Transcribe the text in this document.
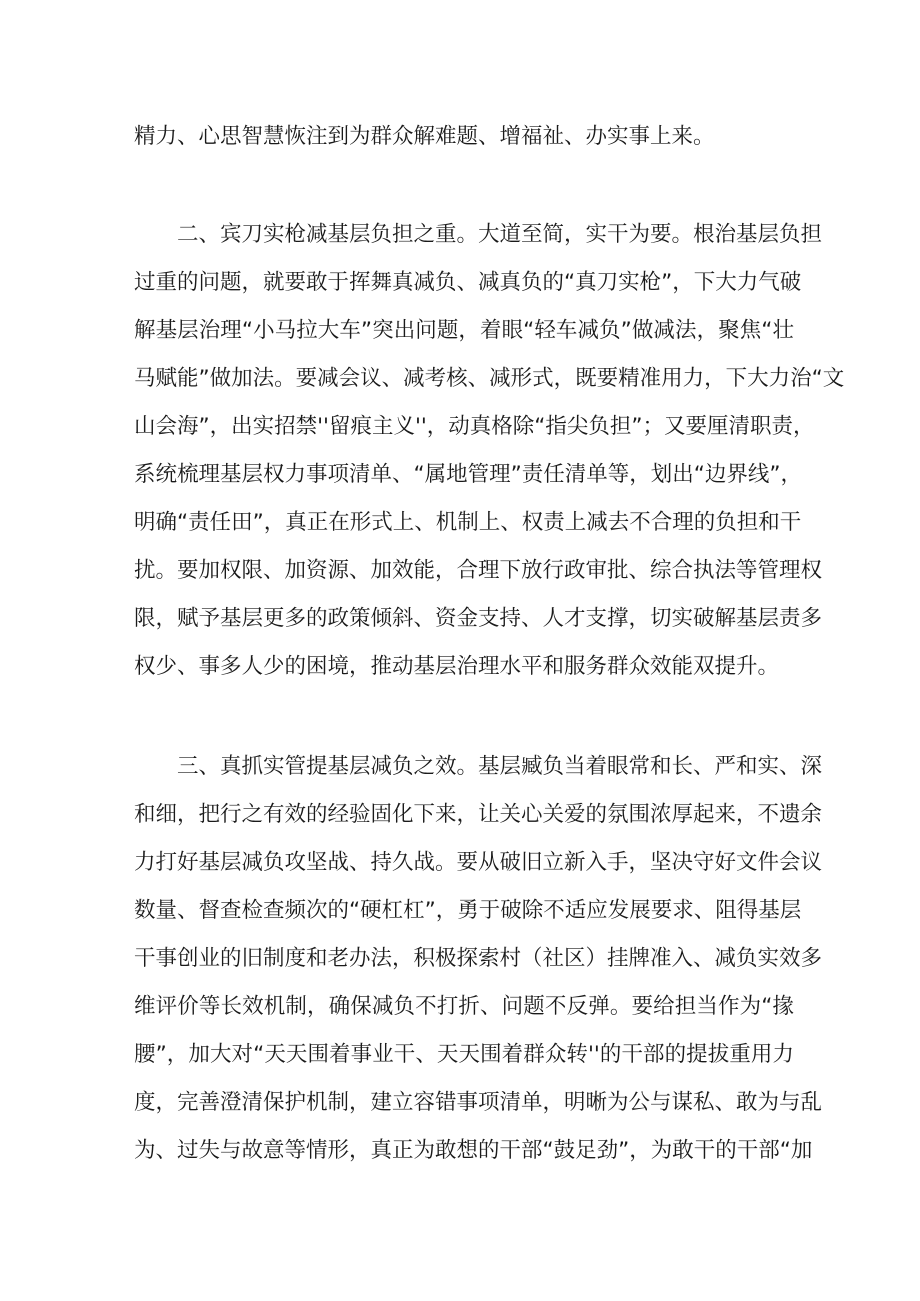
精力、心思智慧恢注到为群众解难题、增福祉、办实事上来。
二、宾刀实枪减基层负担之重。大道至简，实干为要。根治基层负担
过重的问题，就要敢于挥舞真减负、减真负的“真刀实枪”，下大力气破
解基层治理“小马拉大车”突出问题，着眼“轻车减负”做减法，聚焦“壮
马赋能”做加法。要减会议、减考核、减形式，既要精准用力，下大力治“文
山会海”，出实招禁''留痕主义''，动真格除“指尖负担”；又要厘清职责，
系统梳理基层权力事项清单、“属地管理”责任清单等，划出“边界线”，
明确“责任田”，真正在形式上、机制上、权责上减去不合理的负担和干
扰。要加权限、加资源、加效能，合理下放行政审批、综合执法等管理权
限，赋予基层更多的政策倾斜、资金支持、人才支撑，切实破解基层责多
权少、事多人少的困境，推动基层治理水平和服务群众效能双提升。
三、真抓实管提基层减负之效。基层臧负当着眼常和长、严和实、深
和细，把行之有效的经验固化下来，让关心关爱的氛围浓厚起来，不遗余
力打好基层减负攻坚战、持久战。要从破旧立新入手，坚决守好文件会议
数量、督查检查频次的“硬杠杠”，勇于破除不适应发展要求、阻得基层
干事创业的旧制度和老办法，积极探索村（社区）挂牌准入、减负实效多
维评价等长效机制，确保减负不打折、问题不反弹。要给担当作为“掾
腰”，加大对“天天围着事业干、天天围着群众转''的干部的提拔重用力
度，完善澄清保护机制，建立容错事项清单，明晰为公与谋私、敢为与乱
为、过失与故意等情形，真正为敢想的干部“鼓足劲”，为敢干的干部“加
